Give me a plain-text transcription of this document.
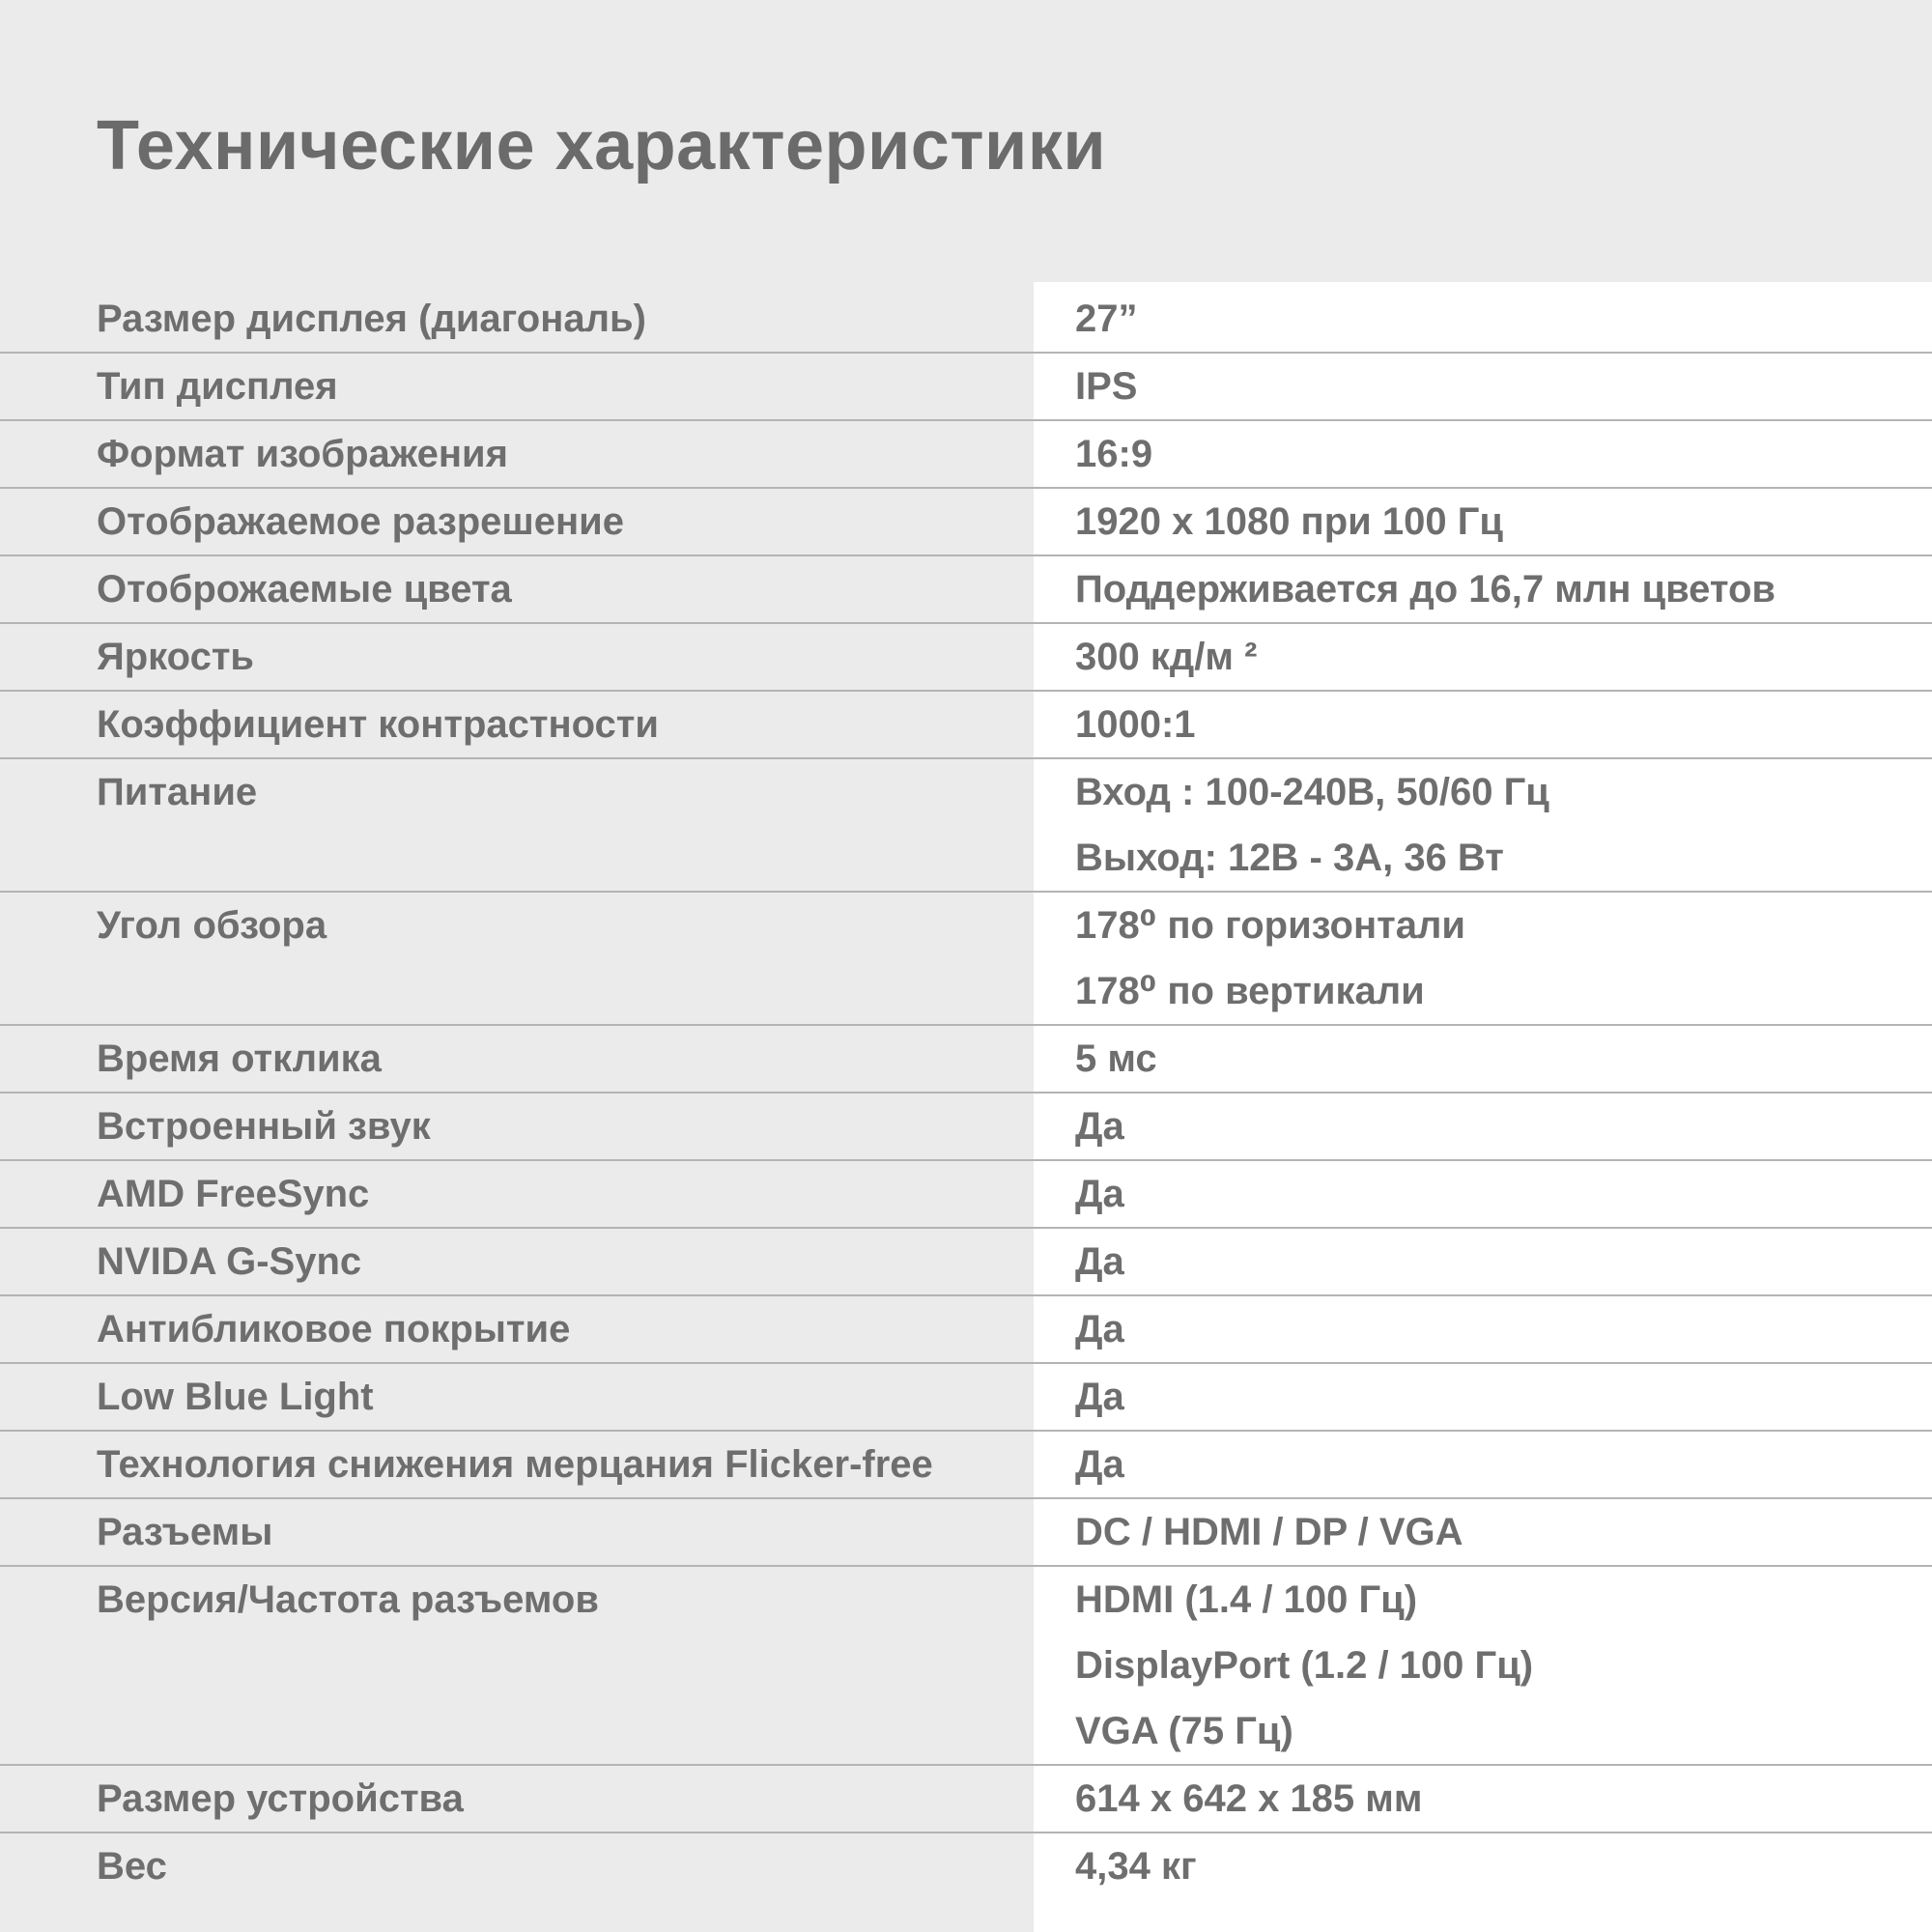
Технические характеристики
Размер дисплея (диагональ)	27”
Тип дисплея	IPS
Формат изображения	16:9
Отображаемое разрешение	1920 x 1080 при 100 Гц
Отоброжаемые цвета	Поддерживается до 16,7 млн цветов
Яркость	300 кд/м ²
Коэффициент контрастности	1000:1
Питание	Вход : 100-240В, 50/60 Гц
Выход: 12В - 3А, 36 Вт
Угол обзора	178⁰ по горизонтали
178⁰ по вертикали
Время отклика	5 мс
Встроенный звук	Да
AMD FreeSync	Да
NVIDA G-Sync	Да
Антибликовое покрытие	Да
Low Blue Light	Да
Технология снижения мерцания Flicker-free	Да
Разъемы	DC / HDMI / DP / VGA
Версия/Частота разъемов	HDMI (1.4 / 100 Гц)
DisplayPort (1.2 / 100 Гц)
VGA (75 Гц)
Размер устройства	614 x 642 x 185 мм
Вес	4,34 кг
